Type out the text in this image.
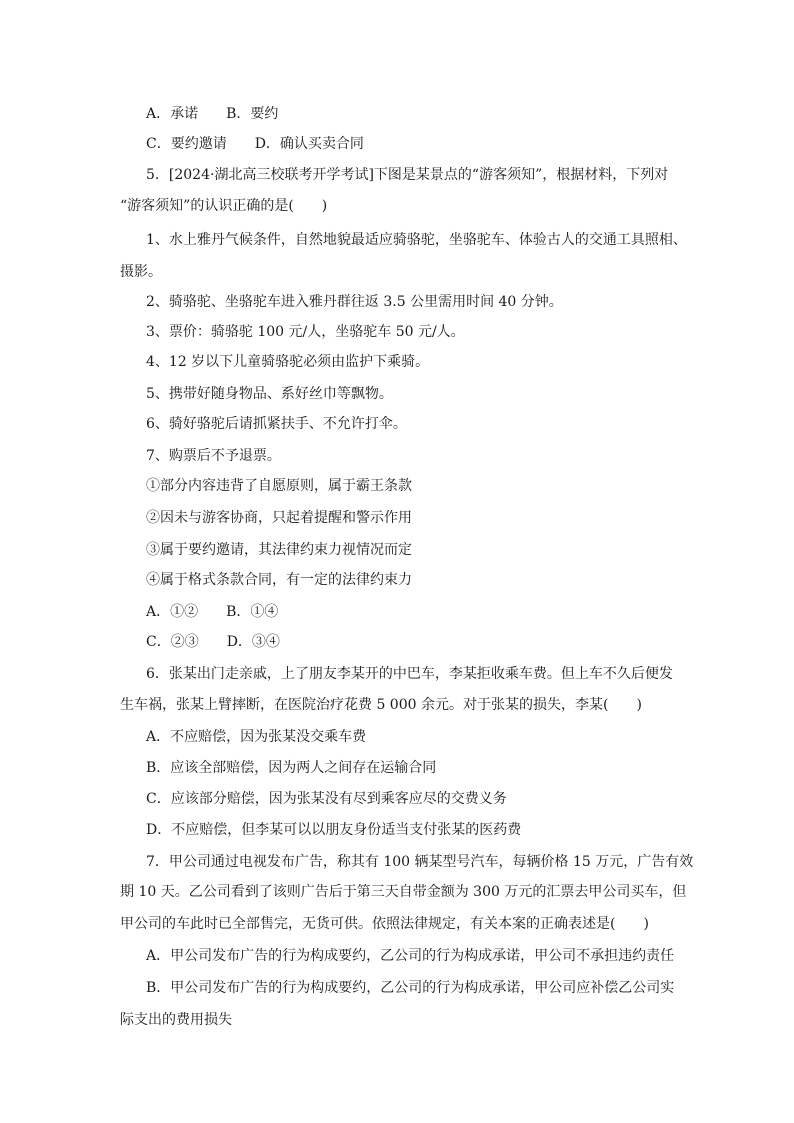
A．承诺　　B．要约
C．要约邀请　　D．确认买卖合同
5．[2024·湖北高三校联考开学考试]下图是某景点的“游客须知”，根据材料，下列对
“游客须知”的认识正确的是(　　)
1、水上雅丹气候条件，自然地貌最适应骑骆驼，坐骆驼车、体验古人的交通工具照相、
摄影。
2、骑骆驼、坐骆驼车进入雅丹群往返 3.5 公里需用时间 40 分钟。
3、票价：骑骆驼 100 元/人，坐骆驼车 50 元/人。
4、12 岁以下儿童骑骆驼必须由监护下乘骑。
5、携带好随身物品、系好丝巾等飘物。
6、骑好骆驼后请抓紧扶手、不允许打伞。
7、购票后不予退票。
①部分内容违背了自愿原则，属于霸王条款
②因未与游客协商，只起着提醒和警示作用
③属于要约邀请，其法律约束力视情况而定
④属于格式条款合同，有一定的法律约束力
A．①②　　B．①④
C．②③　　D．③④
6．张某出门走亲戚，上了朋友李某开的中巴车，李某拒收乘车费。但上车不久后便发
生车祸，张某上臂摔断，在医院治疗花费 5 000 余元。对于张某的损失，李某(　　)
A．不应赔偿，因为张某没交乘车费
B．应该全部赔偿，因为两人之间存在运输合同
C．应该部分赔偿，因为张某没有尽到乘客应尽的交费义务
D．不应赔偿，但李某可以以朋友身份适当支付张某的医药费
7．甲公司通过电视发布广告，称其有 100 辆某型号汽车，每辆价格 15 万元，广告有效
期 10 天。乙公司看到了该则广告后于第三天自带金额为 300 万元的汇票去甲公司买车，但
甲公司的车此时已全部售完，无货可供。依照法律规定，有关本案的正确表述是(　　)
A．甲公司发布广告的行为构成要约，乙公司的行为构成承诺，甲公司不承担违约责任
B．甲公司发布广告的行为构成要约，乙公司的行为构成承诺，甲公司应补偿乙公司实
际支出的费用损失
